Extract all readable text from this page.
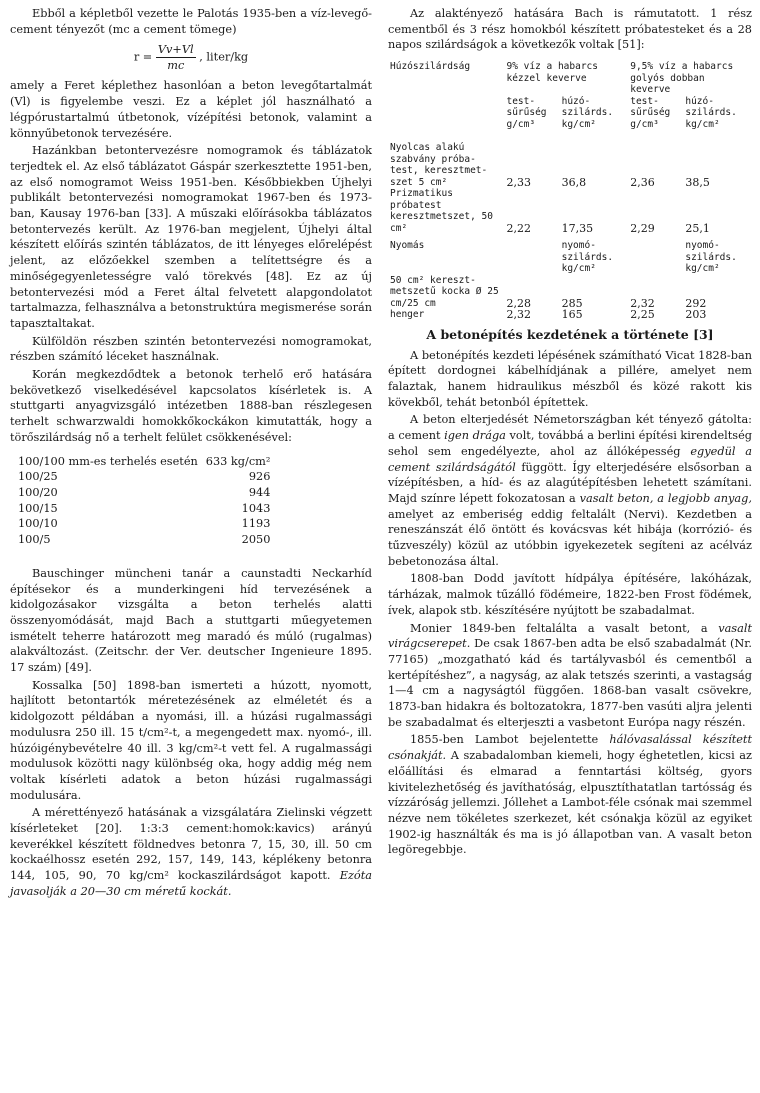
Ebből a képletből vezette le Palotás 1935-ben a víz-levegő-cement tényezőt (mc a cement tömege)

$r = \frac{Vv+Vl}{mc}$ , liter/kg

amely a Feret képlethez hasonlóan a beton levegőtartalmát (Vl) is figyelembe veszi. Ez a képlet jól használható a légpórustartalmú útbetonok, vízépítési betonok, valamint a könnyűbetonok tervezésére.

Hazánkban betontervezésre nomogramok és táblázatok terjedtek el. Az első táblázatot Gáspár szerkesztette 1951-ben, az első nomogramot Weiss 1951-ben. Későbbiekben Újhelyi publikált betontervezési nomogramokat 1967-ben és 1973-ban, Kausay 1976-ban [33]. A műszaki előírásokba táblázatos betontervezés került. Az 1976-ban megjelent, Újhelyi által készített előírás szintén táblázatos, de itt lényeges előrelépést jelent, az előzőekkel szemben a telítettségre és a minőségegyenletességre való törekvés [48]. Ez az új betontervezési mód a Feret által felvetett alapgondolatot tartalmazza, felhasználva a betonstruktúra megismerése során tapasztaltakat.

Külföldön részben szintén betontervezési nomogramokat, részben számító léceket használnak.

Korán megkezdődtek a betonok terhelő erő hatására bekövetkező viselkedésével kapcsolatos kísérletek is. A stuttgarti anyagvizsgáló intézetben 1888-ban részlegesen terhelt schwarzwaldi homokkőkockákon kimutatták, hogy a törőszilárdság nő a terhelt felület csökkenésével:

100/100 mm-es terhelés esetén	633 kg/cm²
100/25	926
100/20	944
100/15	1043
100/10	1193
100/5	2050

Bauschinger müncheni tanár a caunstadti Neckarhíd építésekor és a munderkingeni híd tervezésének a kidolgozásakor vizsgálta a beton terhelés alatti összenyomódását, majd Bach a stuttgarti műegyetemen ismételt teherre határozott meg maradó és múló (rugalmas) alakváltozást. (Zeitschr. der Ver. deutscher Ingenieure 1895. 17 szám) [49].

Kossalka [50] 1898-ban ismerteti a húzott, nyomott, hajlított betontartók méretezésének az elméletét és a kidolgozott példában a nyomási, ill. a húzási rugalmassági modulusra 250 ill. 15 t/cm²-t, a megengedett max. nyomó-, ill. húzóigénybevételre 40 ill. 3 kg/cm²-t vett fel. A rugalmassági modulusok közötti nagy különbség oka, hogy addig még nem voltak kísérleti adatok a beton húzási rugalmassági modulusára.

A mérettényező hatásának a vizsgálatára Zielinski végzett kísérleteket [20]. 1:3:3 cement:homok:kavics) arányú keverékkel készített földnedves betonra 7, 15, 30, ill. 50 cm kockaélhossz esetén 292, 157, 149, 143, képlékeny betonra 144, 105, 90, 70 kg/cm² kockaszilárdságot kapott. Ezóta javasolják a 20—30 cm méretű kockát.

Az alaktényező hatására Bach is rámutatott. 1 rész cementből és 3 rész homokból készített próbatesteket és a 28 napos szilárdságok a következők voltak [51]:

Húzószilárdság	9% víz a habarcs kézzel keverve		9,5% víz a habarcs golyós dobban keverve	
	test-sűrűség g/cm³	húzó-szilárds. kg/cm²	test-sűrűség g/cm³	húzó-szilárds. kg/cm²

Nyolcas alakú szabvány próba-test, keresztmet-szet 5 cm²	2,33	36,8	2,36	38,5
Prizmatikus próbatest keresztmetszet, 50 cm²	2,22	17,35	2,29	25,1

Nyomás		nyomó-szilárds. kg/cm²		nyomó-szilárds. kg/cm²
50 cm² kereszt-metszetű kocka Ø 25 cm/25 cm	2,28	285	2,32	292
henger	2,32	165	2,25	203
A betonépítés kezdetének a története [3]

A betonépítés kezdeti lépésének számítható Vicat 1828-ban épített dordognei kábelhídjának a pillére, amelyet nem falaztak, hanem hidraulikus mészből és közé rakott kis kövekből, tehát betonból építettek.

A beton elterjedését Németországban két tényező gátolta: a cement igen drága volt, továbbá a berlini építési kirendeltség sehol sem engedélyezte, ahol az állóképesség egyedül a cement szilárdságától függött. Így elterjedésére elsősorban a vízépítésben, a híd- és az alagútépítésben lehetett számítani. Majd színre lépett fokozatosan a vasalt beton, a legjobb anyag, amelyet az emberiség eddig feltalált (Nervi). Kezdetben a reneszánszát élő öntött és kovácsvas két hibája (korrózió- és tűzveszély) közül az utóbbin igyekezetek segíteni az acélváz bebetonozása által.

1808-ban Dodd javított hídpálya építésére, lakóházak, tárházak, malmok tűzálló födémeire, 1822-ben Frost födémek, ívek, alapok stb. készítésére nyújtott be szabadalmat.

Monier 1849-ben feltalálta a vasalt betont, a vasalt virágcserepet. De csak 1867-ben adta be első szabadalmát (Nr. 77165) „mozgatható kád és tartályvasból és cementből a kertépítéshez”, a nagyság, az alak tetszés szerinti, a vastagság 1—4 cm a nagyságtól függően. 1868-ban vasalt csövekre, 1873-ban hidakra és boltozatokra, 1877-ben vasúti aljra jelenti be szabadalmat és elterjeszti a vasbetont Európa nagy részén.

1855-ben Lambot bejelentette hálóvasalással készített csónakját. A szabadalomban kiemeli, hogy éghetetlen, kicsi az előállítási és elmarad a fenntartási költség, gyors kivitelezhetőség és javíthatóság, elpusztíthatatlan tartósság és vízzáróság jellemzi. Jóllehet a Lambot-féle csónak mai szemmel nézve nem tökéletes szerkezet, két csónakja közül az egyiket 1902-ig használták és ma is jó állapotban van. A vasalt beton legöregebbje.
